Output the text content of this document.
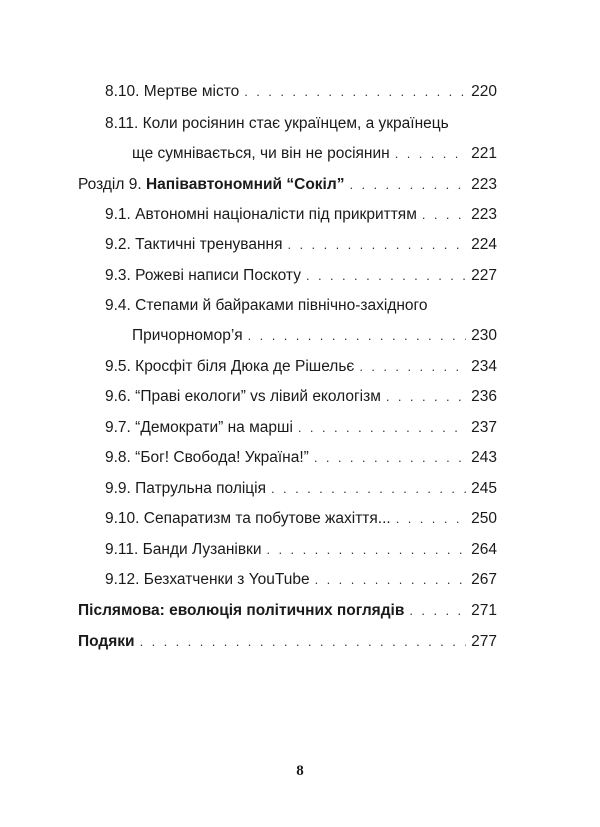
8.10. Мертве місто . . .	220
8.11. Коли росіянин стає українцем, а українець
ще сумнівається, чи він не росіянин . . .	221
Розділ 9. Напівавтономний “Сокіл” . . .	223
9.1. Автономні націоналісти під прикриттям . . .	223
9.2. Тактичні тренування . . .	224
9.3. Рожеві написи Поскоту . . .	227
9.4. Степами й байраками північно-західного
Причорномор’я . . .	230
9.5. Кросфіт біля Дюка де Рішельє . . .	234
9.6. “Праві екологи” vs лівий екологізм . . .	236
9.7. “Демократи” на марші . . .	237
9.8. “Бог! Свобода! Україна!” . . .	243
9.9. Патрульна поліція . . .	245
9.10. Сепаратизм та побутове жахіття... . . .	250
9.11. Банди Лузанівки . . .	264
9.12. Безхатченки з YouTube . . .	267
Післямова: еволюція політичних поглядів . . .	271
Подяки . . .	277
8
